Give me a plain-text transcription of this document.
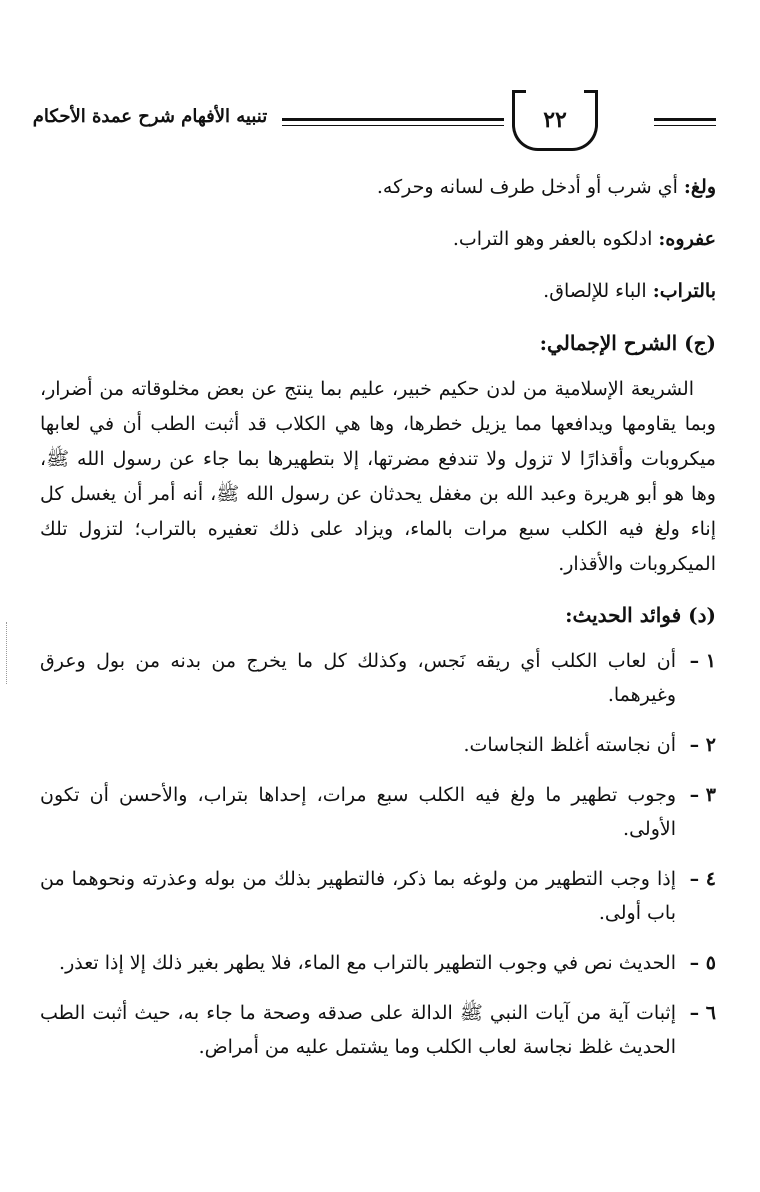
٢٢
تنبيه الأفهام شرح عمدة الأحكام

ولغ: أي شرب أو أدخل طرف لسانه وحركه.

عفروه: ادلكوه بالعفر وهو التراب.

بالتراب: الباء للإلصاق.

(ج) الشرح الإجمالي:

الشريعة الإسلامية من لدن حكيم خبير، عليم بما ينتج عن بعض مخلوقاته من أضرار، وبما يقاومها ويدافعها مما يزيل خطرها، وها هي الكلاب قد أثبت الطب أن في لعابها ميكروبات وأقذارًا لا تزول ولا تندفع مضرتها، إلا بتطهيرها بما جاء عن رسول الله ﷺ، وها هو أبو هريرة وعبد الله بن مغفل يحدثان عن رسول الله ﷺ، أنه أمر أن يغسل كل إناء ولغ فيه الكلب سبع مرات بالماء، ويزاد على ذلك تعفيره بالتراب؛ لتزول تلك الميكروبات والأقذار.

(د) فوائد الحديث:
١ –
أن لعاب الكلب أي ريقه نَجس، وكذلك كل ما يخرج من بدنه من بول وعرق وغيرهما.
٢ –
أن نجاسته أغلظ النجاسات.
٣ –
وجوب تطهير ما ولغ فيه الكلب سبع مرات، إحداها بتراب، والأحسن أن تكون الأولى.
٤ –
إذا وجب التطهير من ولوغه بما ذكر، فالتطهير بذلك من بوله وعذرته ونحوهما من باب أولى.
٥ –
الحديث نص في وجوب التطهير بالتراب مع الماء، فلا يطهر بغير ذلك إلا إذا تعذر.
٦ –
إثبات آية من آيات النبي ﷺ الدالة على صدقه وصحة ما جاء به، حيث أثبت الطب الحديث غلظ نجاسة لعاب الكلب وما يشتمل عليه من أمراض.
